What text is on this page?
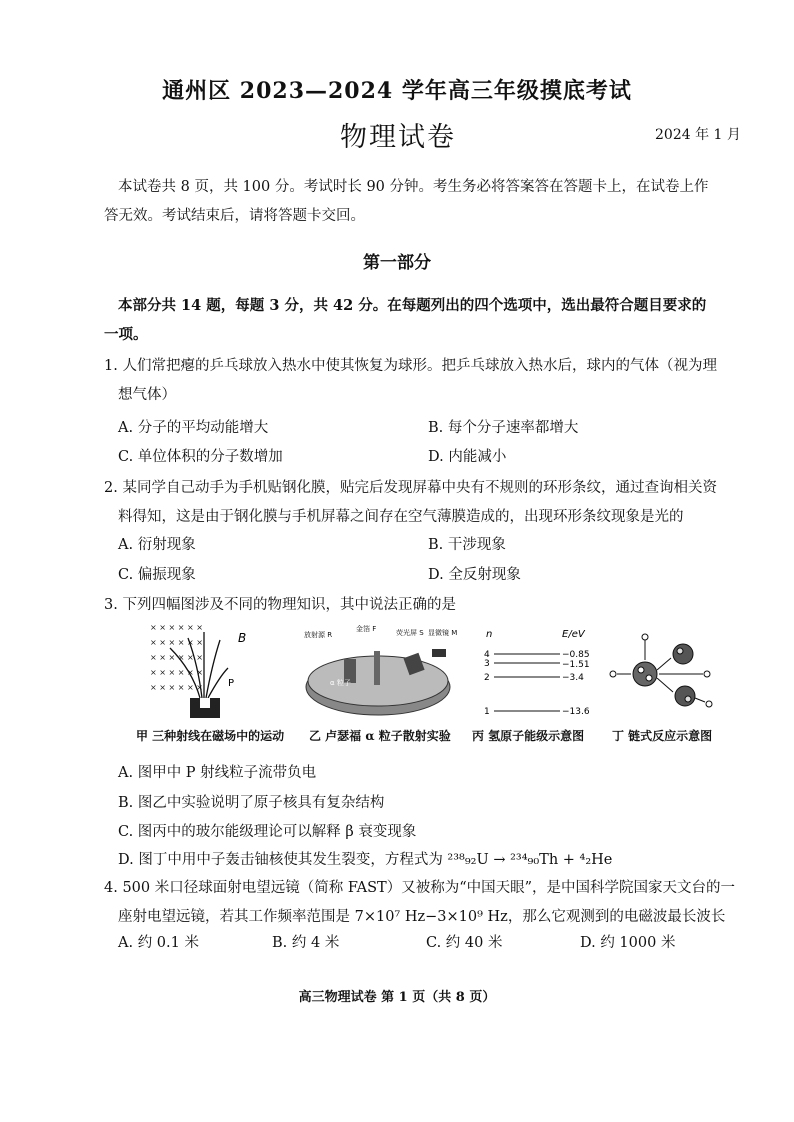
通州区 2023—2024 学年高三年级摸底考试
物理试卷	2024 年 1 月
本试卷共 8 页，共 100 分。考试时长 90 分钟。考生务必将答案答在答题卡上，在试卷上作
答无效。考试结束后，请将答题卡交回。
第一部分
本部分共 14 题，每题 3 分，共 42 分。在每题列出的四个选项中，选出最符合题目要求的
一项。
1. 人们常把瘪的乒乓球放入热水中使其恢复为球形。把乒乓球放入热水后，球内的气体（视为理
想气体）
A. 分子的平均动能增大	B. 每个分子速率都增大
C. 单位体积的分子数增加	D. 内能减小
2. 某同学自己动手为手机贴钢化膜，贴完后发现屏幕中央有不规则的环形条纹，通过查询相关资
料得知，这是由于钢化膜与手机屏幕之间存在空气薄膜造成的，出现环形条纹现象是光的
A. 衍射现象	B. 干涉现象
C. 偏振现象	D. 全反射现象
3. 下列四幅图涉及不同的物理知识，其中说法正确的是
× × × × × ×
× × × × × ×
× × × × × ×
× × × × × ×
× × × × × ×
B
P
放射源 R
金箔 F	荧光屏 S 显微镜 M
α 粒子
n	E/eV
4	−0.85
3	−1.51
2	−3.4
1	−13.6
甲 三种射线在磁场中的运动 乙 卢瑟福 α 粒子散射实验 丙 氢原子能级示意图 丁 链式反应示意图
A. 图甲中 P 射线粒子流带负电
B. 图乙中实验说明了原子核具有复杂结构
C. 图丙中的玻尔能级理论可以解释 β 衰变现象
D. 图丁中用中子轰击铀核使其发生裂变，方程式为 ²³⁸₉₂U → ²³⁴₉₀Th + ⁴₂He
4. 500 米口径球面射电望远镜（简称 FAST）又被称为“中国天眼”，是中国科学院国家天文台的一
座射电望远镜，若其工作频率范围是 7×10⁷ Hz−3×10⁹ Hz，那么它观测到的电磁波最长波长
A. 约 0.1 米	B. 约 4 米	C. 约 40 米	D. 约 1000 米
高三物理试卷 第 1 页（共 8 页）
